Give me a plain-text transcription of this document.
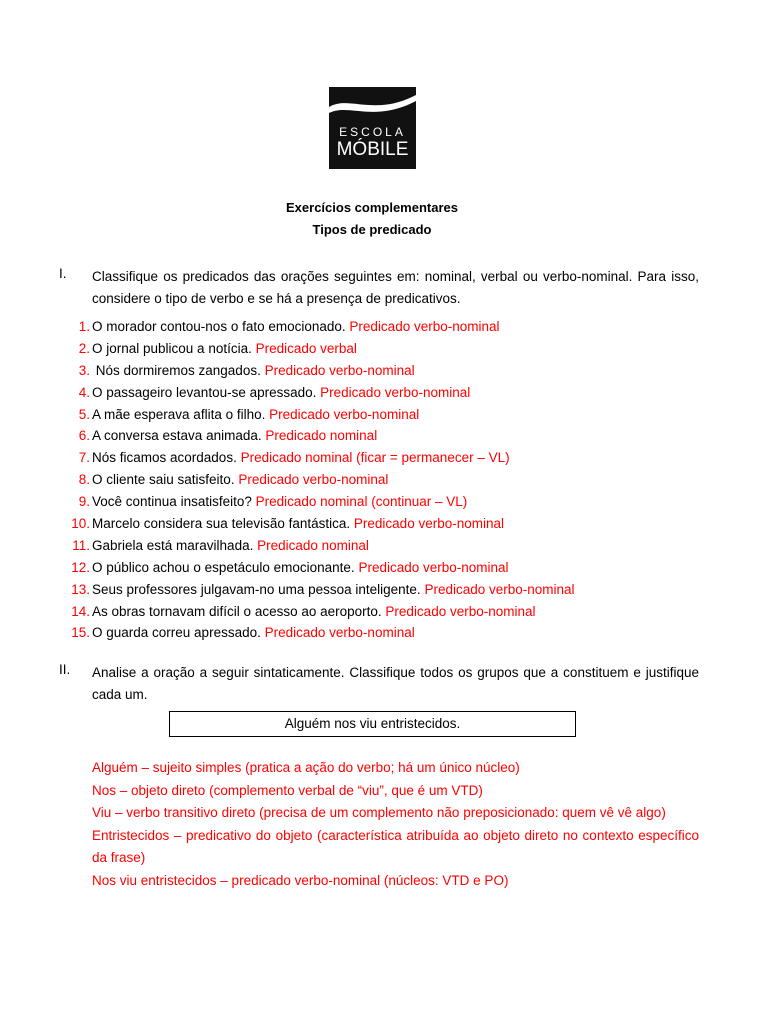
ESCOLA
MÓBILE
Exercícios complementares
Tipos de predicado
I. Classifique os predicados das orações seguintes em: nominal, verbal ou verbo-nominal. Para isso, considere o tipo de verbo e se há a presença de predicativos.
1. O morador contou-nos o fato emocionado. Predicado verbo-nominal
2. O jornal publicou a notícia. Predicado verbal
3. Nós dormiremos zangados. Predicado verbo-nominal
4. O passageiro levantou-se apressado. Predicado verbo-nominal
5. A mãe esperava aflita o filho. Predicado verbo-nominal
6. A conversa estava animada. Predicado nominal
7. Nós ficamos acordados. Predicado nominal (ficar = permanecer – VL)
8. O cliente saiu satisfeito. Predicado verbo-nominal
9. Você continua insatisfeito? Predicado nominal (continuar – VL)
10. Marcelo considera sua televisão fantástica. Predicado verbo-nominal
11. Gabriela está maravilhada. Predicado nominal
12. O público achou o espetáculo emocionante. Predicado verbo-nominal
13. Seus professores julgavam-no uma pessoa inteligente. Predicado verbo-nominal
14. As obras tornavam difícil o acesso ao aeroporto. Predicado verbo-nominal
15. O guarda correu apressado. Predicado verbo-nominal
II. Analise a oração a seguir sintaticamente. Classifique todos os grupos que a constituem e justifique cada um.
Alguém nos viu entristecidos.
Alguém – sujeito simples (pratica a ação do verbo; há um único núcleo)
Nos – objeto direto (complemento verbal de “viu”, que é um VTD)
Viu – verbo transitivo direto (precisa de um complemento não preposicionado: quem vê vê algo)
Entristecidos – predicativo do objeto (característica atribuída ao objeto direto no contexto específico da frase)
Nos viu entristecidos – predicado verbo-nominal (núcleos: VTD e PO)
